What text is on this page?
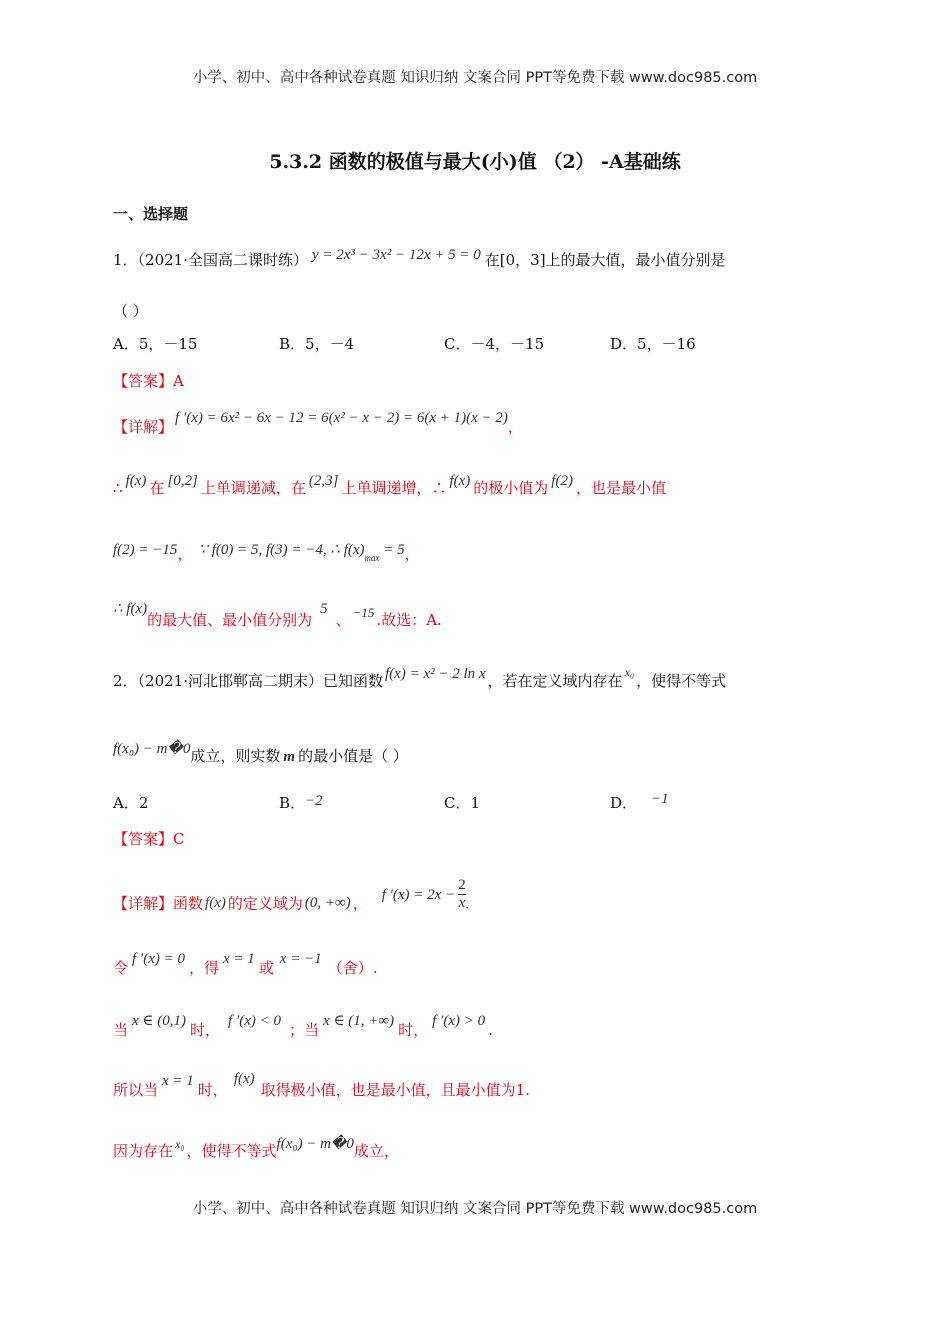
小学、初中、高中各种试卷真题 知识归纳 文案合同 PPT等免费下载 www.doc985.com
5.3.2 函数的极值与最大(小)值 （2） -A基础练
一、选择题
1．（2021·全国高二课时练） y = 2x³ − 3x² − 12x + 5 = 0 在[0，3]上的最大值，最小值分别是
（ ）
A．5，－15	B．5，－4	C．－4，－15	D．5，－16
【答案】A
【详解】 f ′(x) = 6x² − 6x − 12 = 6(x² − x − 2) = 6(x + 1)(x − 2)，
∴ f(x) 在 [0,2] 上单调递减，在 (2,3] 上单调递增，∴ f(x) 的极小值为 f(2) ，也是最小值
f(2) = −15， ∵ f(0) = 5, f(3) = −4, ∴ $f(x)_{max} = 5$，
∴ f(x)的最大值、最小值分别为5、 −15 .故选：A.
2．（2021·河北邯郸高二期末）已知函数 f(x) = x² − 2 ln x ，若在定义域内存在 $^{x_0}$ ，使得不等式
f(x₀) − m�0成立，则实数 m 的最小值是（ ）
A．2	B．−2	C．1	D． −1
【答案】C
【详解】函数 f(x) 的定义域为 (0, +∞) ， f $'(x) = 2x - \frac{2}{x}$ .
令 f ′(x) = 0 ，得 x = 1 或 x = −1 （舍）.
当 x ∈ (0,1) 时， f ′(x) < 0 ；当 x ∈ (1, +∞) 时， f ′(x) > 0.
所以当 x = 1 时，f(x)取得极小值，也是最小值，且最小值为1.
因为存在 $^{x_0}$ ，使得不等式f(x₀) − m�0成立，
小学、初中、高中各种试卷真题 知识归纳 文案合同 PPT等免费下载 www.doc985.com
